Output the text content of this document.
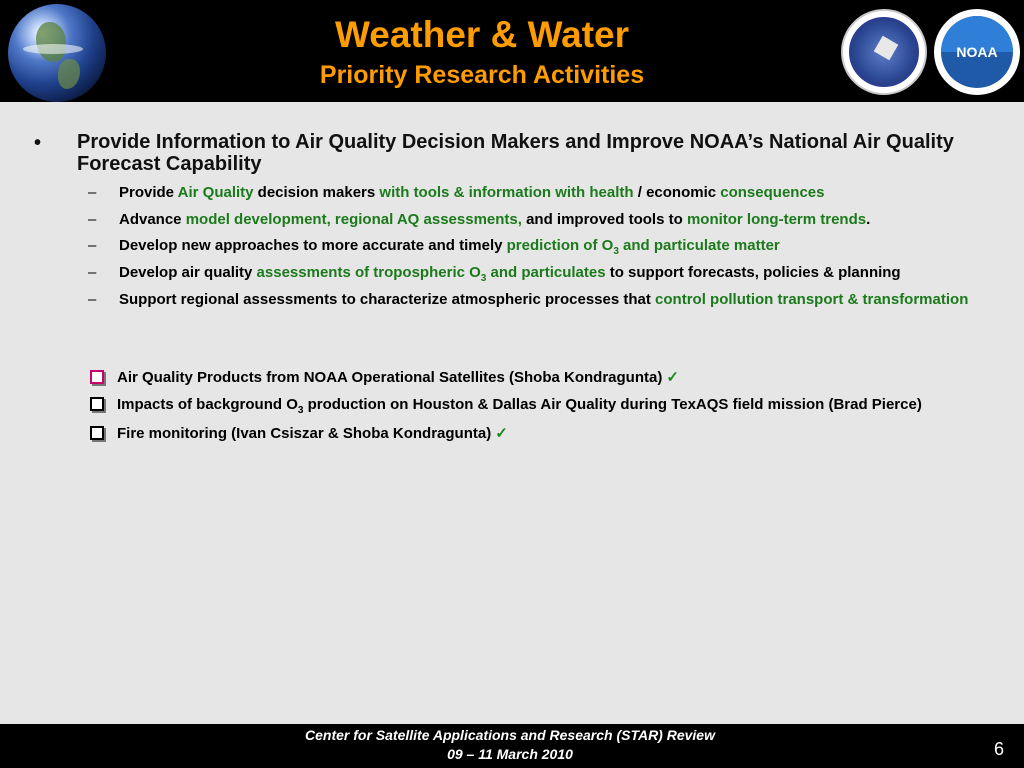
Weather & Water
Priority Research Activities
NOAA
• Provide Information to Air Quality Decision Makers and Improve NOAA’s National Air Quality Forecast Capability
– Provide Air Quality decision makers with tools & information with health / economic consequences
– Advance model development, regional AQ assessments, and improved tools to monitor long-term trends.
– Develop new approaches to more accurate and timely prediction of $O_3$ and particulate matter
– Develop air quality assessments of tropospheric $O_3$ and particulates to support forecasts, policies & planning
– Support regional assessments to characterize atmospheric processes that control pollution transport & transformation
Air Quality Products from NOAA Operational Satellites (Shoba Kondragunta) ✓
Impacts of background $O_3$ production on Houston & Dallas Air Quality during TexAQS field mission (Brad Pierce)
Fire monitoring (Ivan Csiszar & Shoba Kondragunta) ✓
Center for Satellite Applications and Research (STAR) Review
09 – 11 March 2010	6
